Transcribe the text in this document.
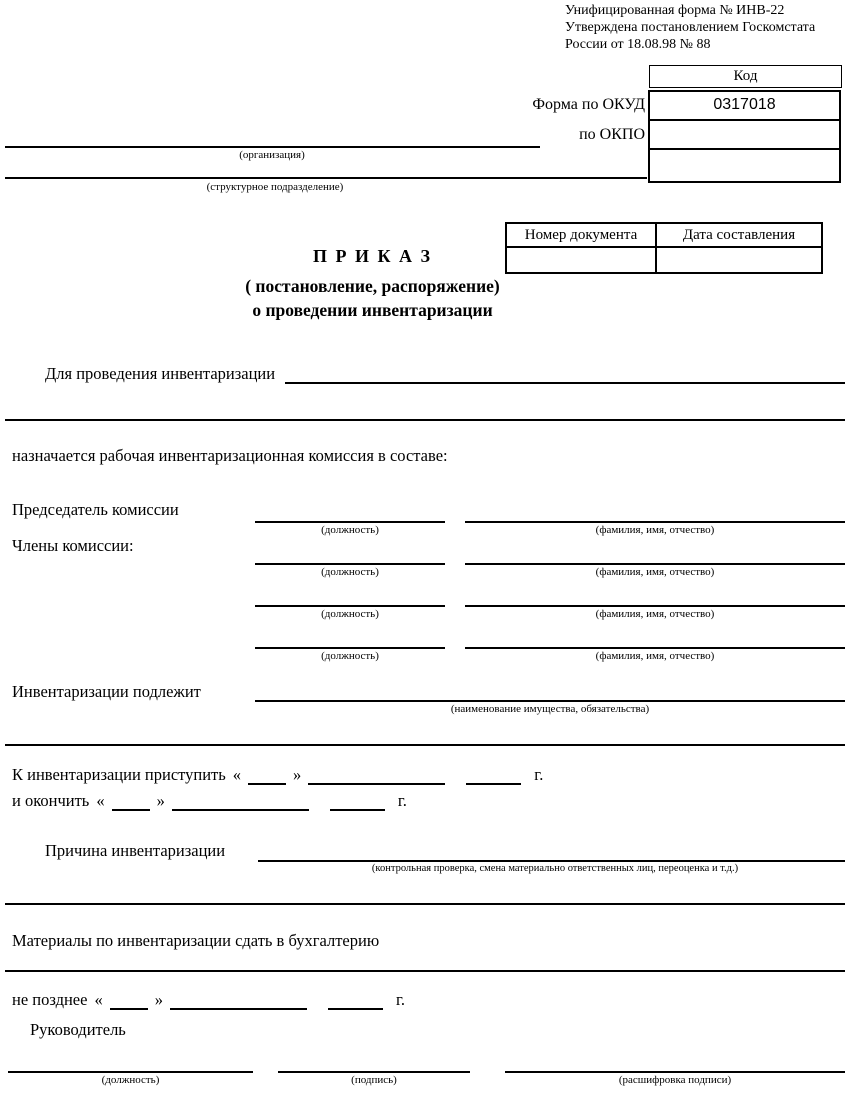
Унифицированная форма № ИНВ-22
Утверждена постановлением Госкомстата
России от 18.08.98 № 88
Код
0317018
Форма по ОКУД
по ОКПО
(организация)
(структурное подразделение)
Номер документа	Дата составления
П Р И К А З
( постановление, распоряжение)
о проведении инвентаризации
Для проведения инвентаризации
назначается рабочая инвентаризационная комиссия в составе:
Председатель комиссии
(должность)	(фамилия, имя, отчество)
Члены комиссии:
(должность)	(фамилия, имя, отчество)
(должность)	(фамилия, имя, отчество)
(должность)	(фамилия, имя, отчество)
Инвентаризации подлежит
(наименование имущества, обязательства)
К инвентаризации приступить «	»	г.
и окончить «	»	г.
Причина инвентаризации
(контрольная проверка, смена материально ответственных лиц, переоценка и т.д.)
Материалы по инвентаризации сдать в бухгалтерию
не позднее «	»	г.
Руководитель
(должность)	(подпись)	(расшифровка подписи)
